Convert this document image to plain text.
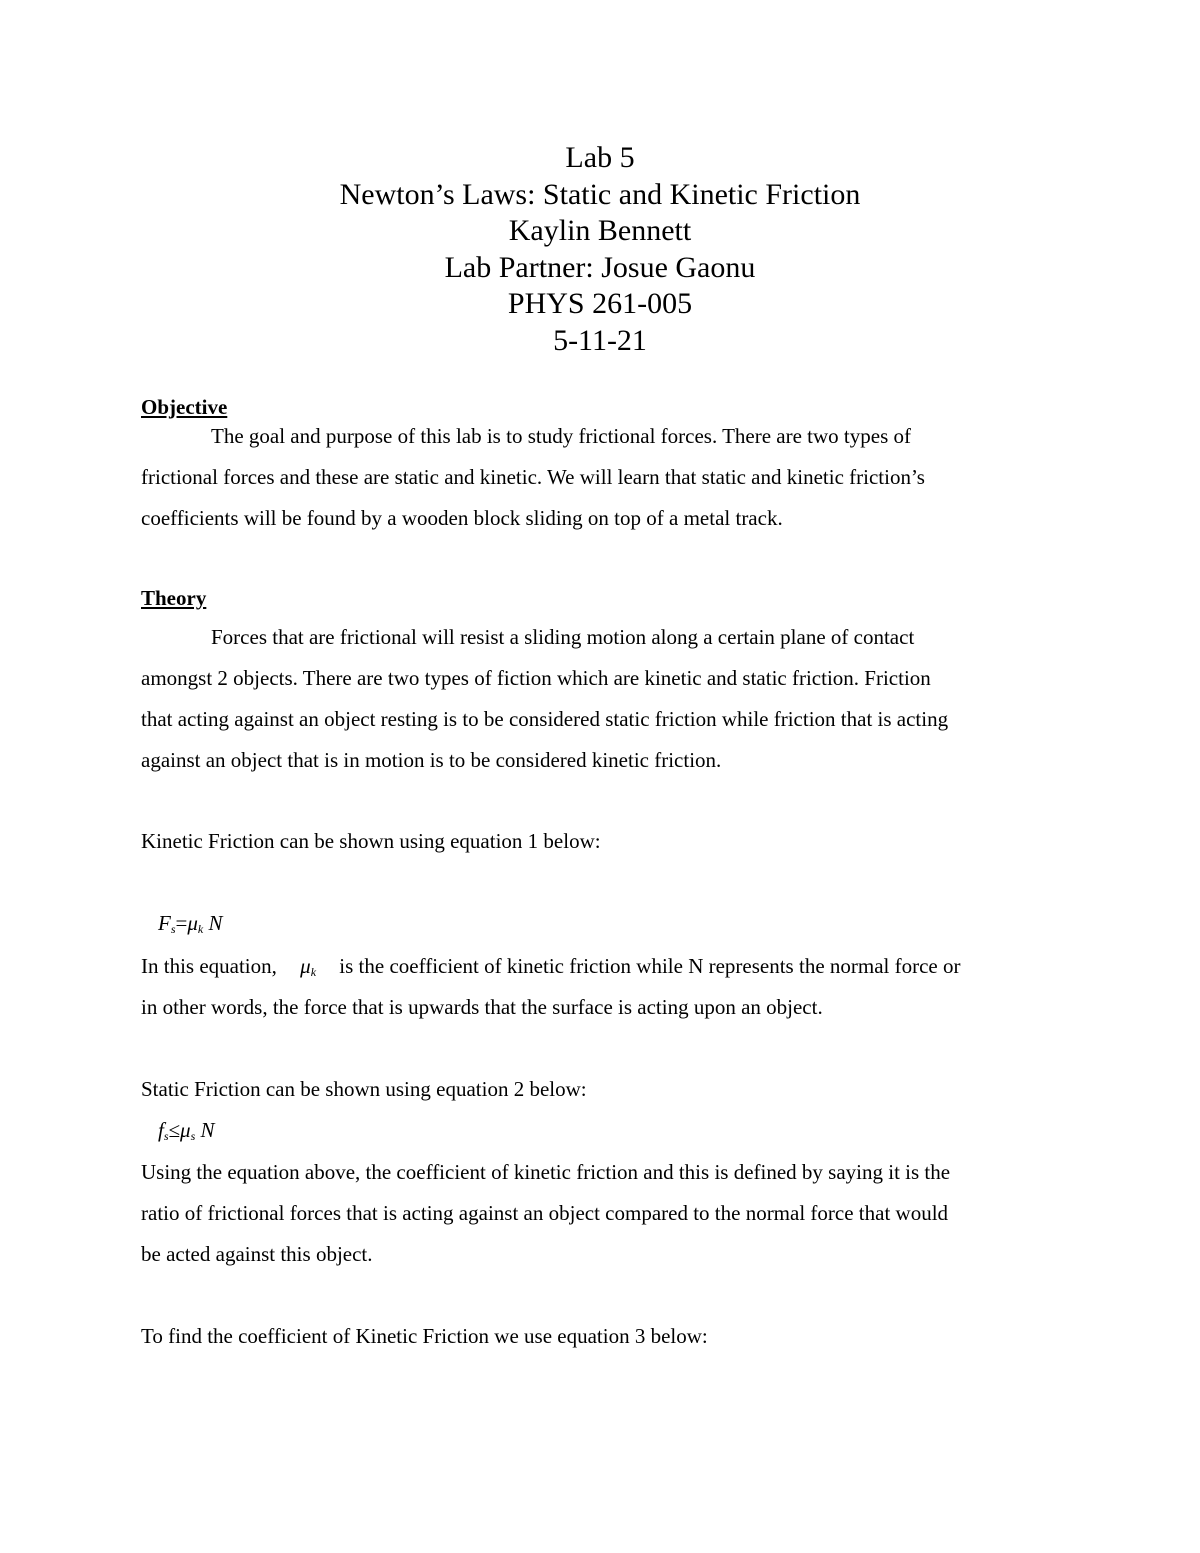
Lab 5
Newton’s Laws: Static and Kinetic Friction
Kaylin Bennett
Lab Partner: Josue Gaonu
PHYS 261-005
5-11-21
Objective
The goal and purpose of this lab is to study frictional forces. There are two types of
frictional forces and these are static and kinetic. We will learn that static and kinetic friction’s
coefficients will be found by a wooden block sliding on top of a metal track.
Theory
Forces that are frictional will resist a sliding motion along a certain plane of contact
amongst 2 objects. There are two types of fiction which are kinetic and static friction. Friction
that acting against an object resting is to be considered static friction while friction that is acting
against an object that is in motion is to be considered kinetic friction.
Kinetic Friction can be shown using equation 1 below:
$F_s=\mu_k$ N
In this equation, $\mu_k$ is the coefficient of kinetic friction while N represents the normal force or
in other words, the force that is upwards that the surface is acting upon an object.
Static Friction can be shown using equation 2 below:
$f_s\le\mu_s$ N
Using the equation above, the coefficient of kinetic friction and this is defined by saying it is the
ratio of frictional forces that is acting against an object compared to the normal force that would
be acted against this object.
To find the coefficient of Kinetic Friction we use equation 3 below:
